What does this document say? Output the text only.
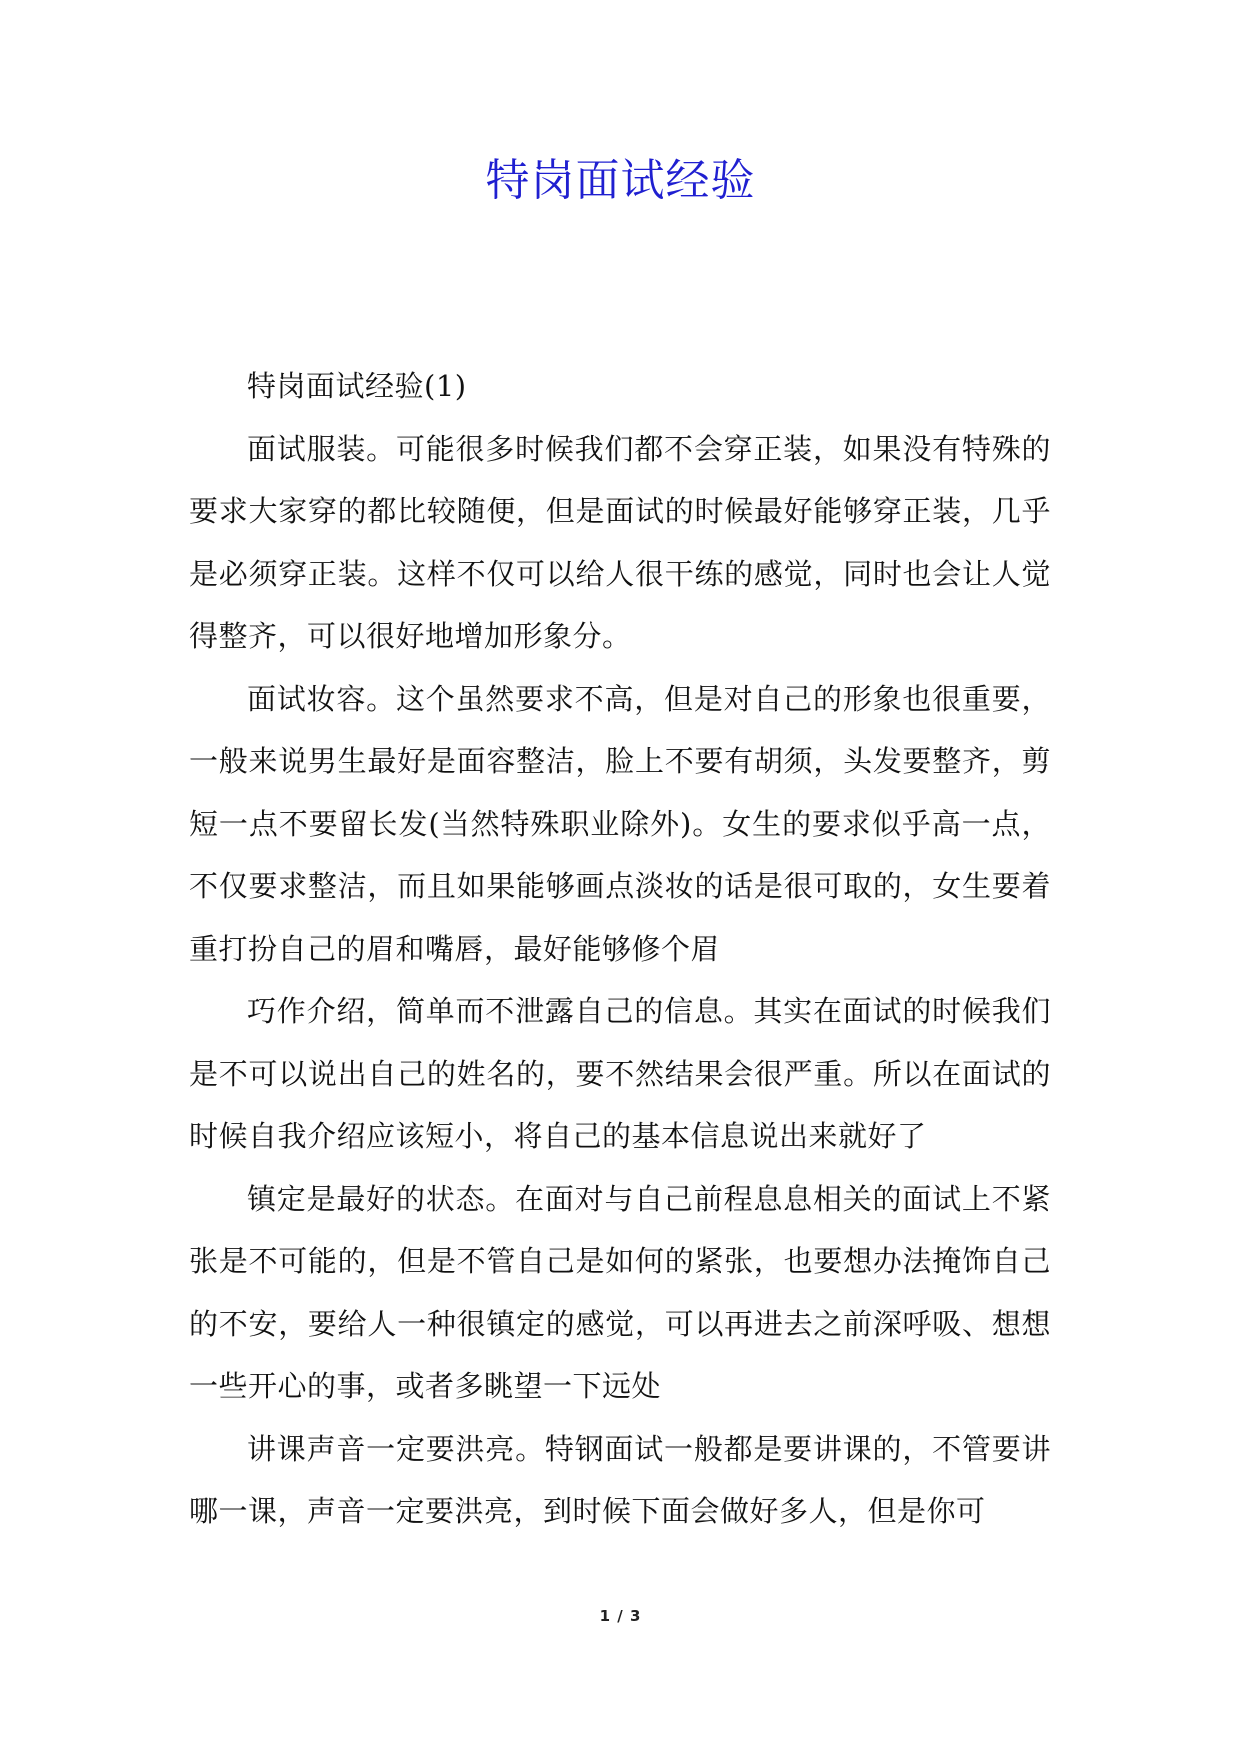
特岗面试经验

特岗面试经验(1)

面试服装。可能很多时候我们都不会穿正装，如果没有特殊的要求大家穿的都比较随便，但是面试的时候最好能够穿正装，几乎是必须穿正装。这样不仅可以给人很干练的感觉，同时也会让人觉得整齐，可以很好地增加形象分。

面试妆容。这个虽然要求不高，但是对自己的形象也很重要，一般来说男生最好是面容整洁，脸上不要有胡须，头发要整齐，剪短一点不要留长发(当然特殊职业除外)。女生的要求似乎高一点，不仅要求整洁，而且如果能够画点淡妆的话是很可取的，女生要着重打扮自己的眉和嘴唇，最好能够修个眉

巧作介绍，简单而不泄露自己的信息。其实在面试的时候我们是不可以说出自己的姓名的，要不然结果会很严重。所以在面试的时候自我介绍应该短小，将自己的基本信息说出来就好了

镇定是最好的状态。在面对与自己前程息息相关的面试上不紧张是不可能的，但是不管自己是如何的紧张，也要想办法掩饰自己的不安，要给人一种很镇定的感觉，可以再进去之前深呼吸、想想一些开心的事，或者多眺望一下远处

讲课声音一定要洪亮。特钢面试一般都是要讲课的，不管要讲哪一课，声音一定要洪亮，到时候下面会做好多人，但是你可

1 / 3
